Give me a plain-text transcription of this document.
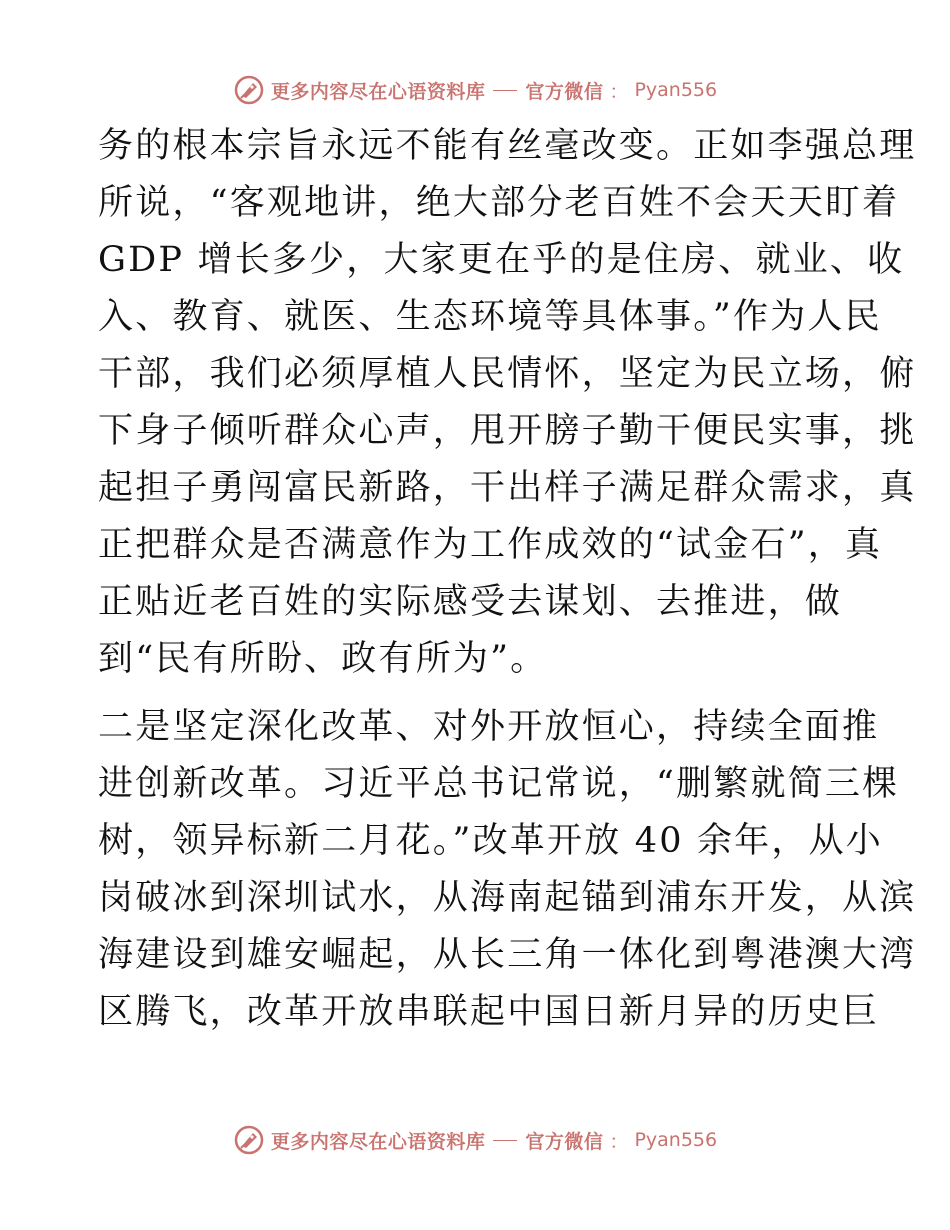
更多内容尽在心语资料库 官方微信 ： Pyan556

务的根本宗旨永远不能有丝毫改变。正如李强总理
所说，“客观地讲，绝大部分老百姓不会天天盯着
GDP 增长多少，大家更在乎的是住房、就业、收
入、教育、就医、生态环境等具体事。”作为人民
干部，我们必须厚植人民情怀，坚定为民立场，俯
下身子倾听群众心声，甩开膀子勤干便民实事，挑
起担子勇闯富民新路，干出样子满足群众需求，真
正把群众是否满意作为工作成效的“试金石”，真
正贴近老百姓的实际感受去谋划、去推进，做
到“民有所盼、政有所为”。

二是坚定深化改革、对外开放恒心，持续全面推
进创新改革。习近平总书记常说，“删繁就简三棵
树，领异标新二月花。”改革开放 40 余年，从小
岗破冰到深圳试水，从海南起锚到浦东开发，从滨
海建设到雄安崛起，从长三角一体化到粤港澳大湾
区腾飞，改革开放串联起中国日新月异的历史巨

更多内容尽在心语资料库 官方微信 ： Pyan556
